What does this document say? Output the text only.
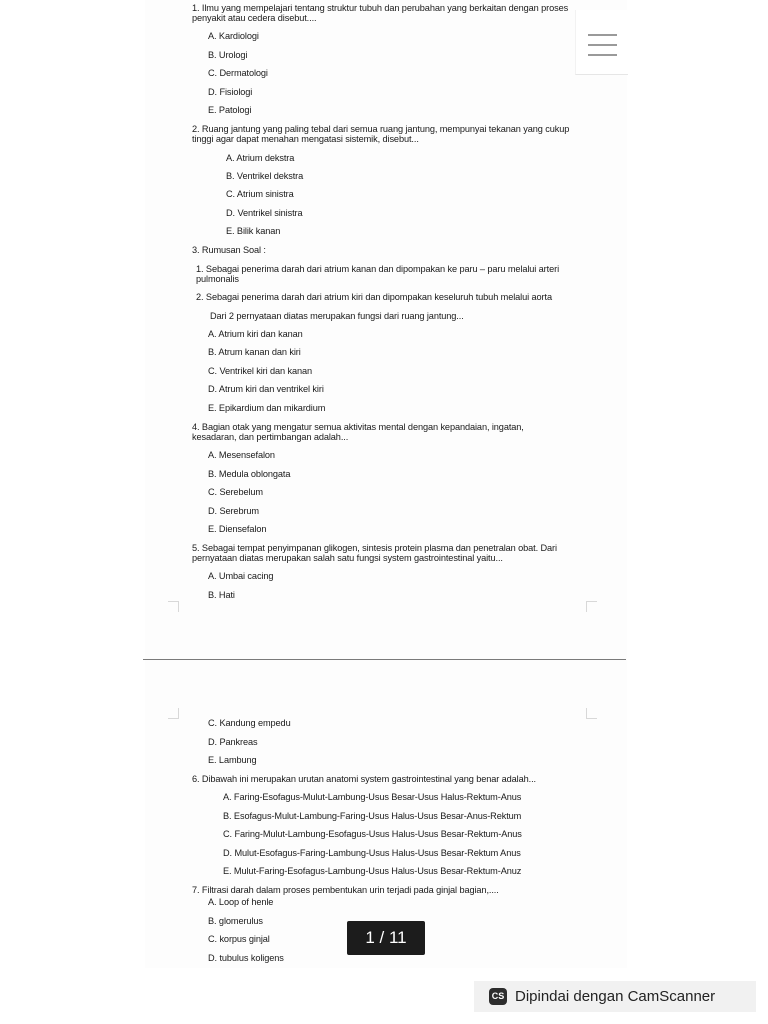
1. Ilmu yang mempelajari tentang struktur tubuh dan perubahan yang berkaitan dengan proses penyakit atau cedera disebut....
A. Kardiologi
B. Urologi
C. Dermatologi
D. Fisiologi
E. Patologi
2. Ruang jantung yang paling tebal dari semua ruang jantung, mempunyai tekanan yang cukup tinggi agar dapat menahan mengatasi sistemik, disebut...
A. Atrium dekstra
B. Ventrikel dekstra
C. Atrium sinistra
D. Ventrikel sinistra
E. Bilik kanan
3. Rumusan Soal :
1. Sebagai penerima darah dari atrium kanan dan dipompakan ke paru – paru melalui arteri pulmonalis
2. Sebagai penerima darah dari atrium kiri dan dipompakan keseluruh tubuh melalui aorta
Dari 2 pernyataan diatas merupakan fungsi dari ruang jantung...
A. Atrium kiri dan kanan
B. Atrum kanan dan kiri
C. Ventrikel kiri dan kanan
D. Atrum kiri dan ventrikel kiri
E. Epikardium dan mikardium
4. Bagian otak yang mengatur semua aktivitas mental dengan kepandaian, ingatan, kesadaran, dan pertimbangan adalah...
A. Mesensefalon
B. Medula oblongata
C. Serebelum
D. Serebrum
E. Diensefalon
5. Sebagai tempat penyimpanan glikogen, sintesis protein plasma dan penetralan obat. Dari pernyataan diatas merupakan salah satu fungsi system gastrointestinal yaitu...
A. Umbai cacing
B. Hati
C. Kandung empedu
D. Pankreas
E. Lambung
6. Dibawah ini merupakan urutan anatomi system gastrointestinal yang benar adalah...
A. Faring-Esofagus-Mulut-Lambung-Usus Besar-Usus Halus-Rektum-Anus
B. Esofagus-Mulut-Lambung-Faring-Usus Halus-Usus Besar-Anus-Rektum
C. Faring-Mulut-Lambung-Esofagus-Usus Halus-Usus Besar-Rektum-Anus
D. Mulut-Esofagus-Faring-Lambung-Usus Halus-Usus Besar-Rektum Anus
E. Mulut-Faring-Esofagus-Lambung-Usus Halus-Usus Besar-Rektum-Anuz
7. Filtrasi darah dalam proses pembentukan urin terjadi pada ginjal bagian,....
A. Loop of henle
B. glomerulus
C. korpus ginjal
D. tubulus koligens
1 / 11
CS Dipindai dengan CamScanner
